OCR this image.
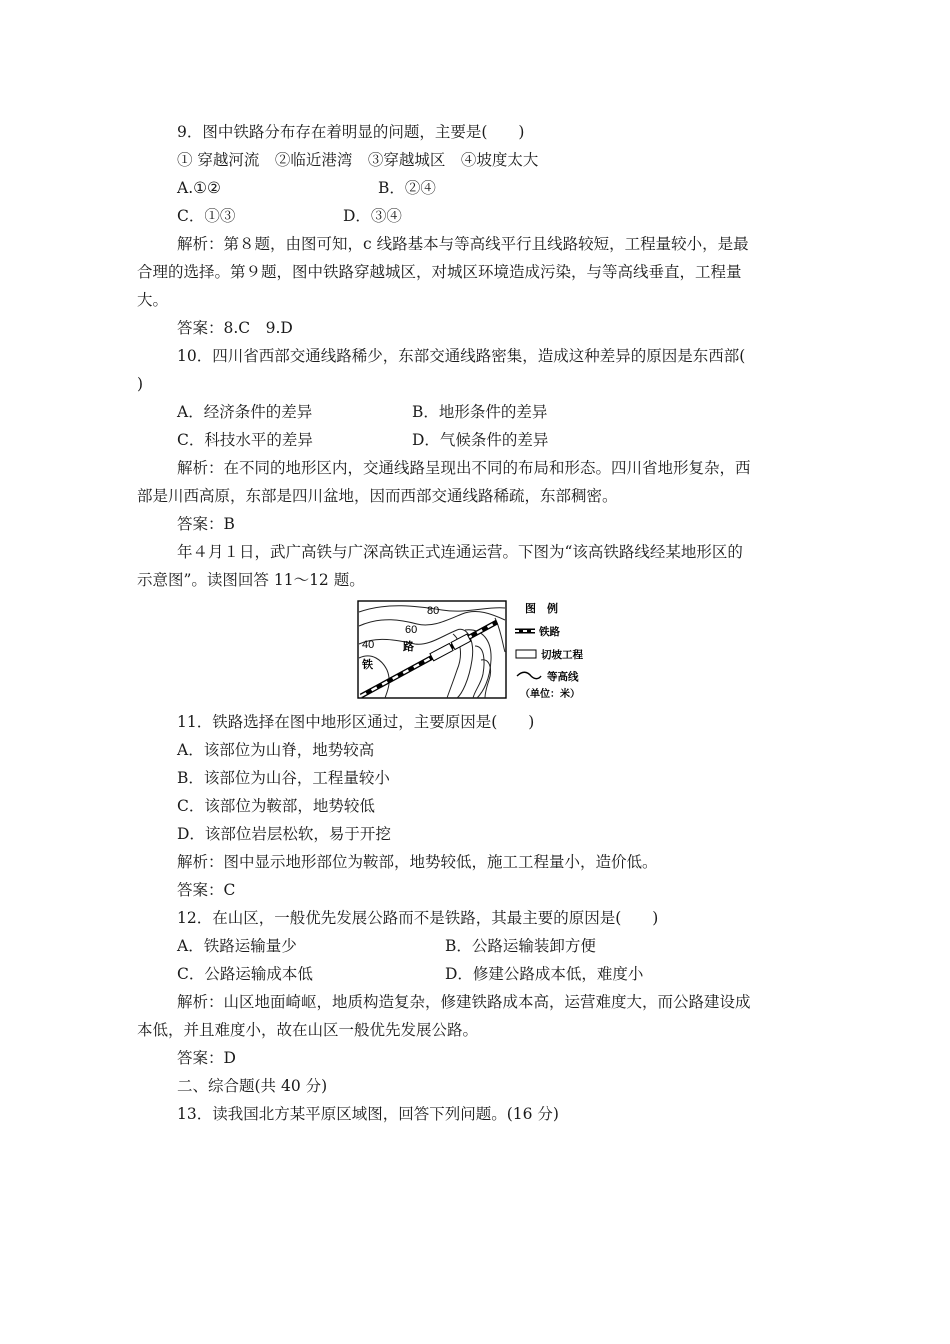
9．图中铁路分布存在着明显的问题，主要是(　　)
① 穿越河流　②临近港湾　③穿越城区　④坡度太大
A.①②	B．②④
C．①③	D．③④
解析：第８题，由图可知，c 线路基本与等高线平行且线路较短，工程量较小，是最
合理的选择。第９题，图中铁路穿越城区，对城区环境造成污染，与等高线垂直，工程量
大。
答案：8.C　9.D
10．四川省西部交通线路稀少，东部交通线路密集，造成这种差异的原因是东西部(
)
A．经济条件的差异	B．地形条件的差异
C．科技水平的差异	D．气候条件的差异
解析：在不同的地形区内，交通线路呈现出不同的布局和形态。四川省地形复杂，西
部是川西高原，东部是四川盆地，因而西部交通线路稀疏，东部稠密。
答案：B
年４月１日，武广高铁与广深高铁正式连通运营。下图为“该高铁路线经某地形区的
示意图”。读图回答 11～12 题。
80
60
40	路
铁
图　例
铁路
切坡工程
等高线
（单位：米）
11．铁路选择在图中地形区通过，主要原因是(　　)
A．该部位为山脊，地势较高
B．该部位为山谷，工程量较小
C．该部位为鞍部，地势较低
D．该部位岩层松软，易于开挖
解析：图中显示地形部位为鞍部，地势较低，施工工程量小，造价低。
答案：C
12．在山区，一般优先发展公路而不是铁路，其最主要的原因是(　　)
A．铁路运输量少	B．公路运输装卸方便
C．公路运输成本低	D．修建公路成本低，难度小
解析：山区地面崎岖，地质构造复杂，修建铁路成本高，运营难度大，而公路建设成
本低，并且难度小，故在山区一般优先发展公路。
答案：D
二、综合题(共 40 分)
13．读我国北方某平原区域图，回答下列问题。(16 分)
